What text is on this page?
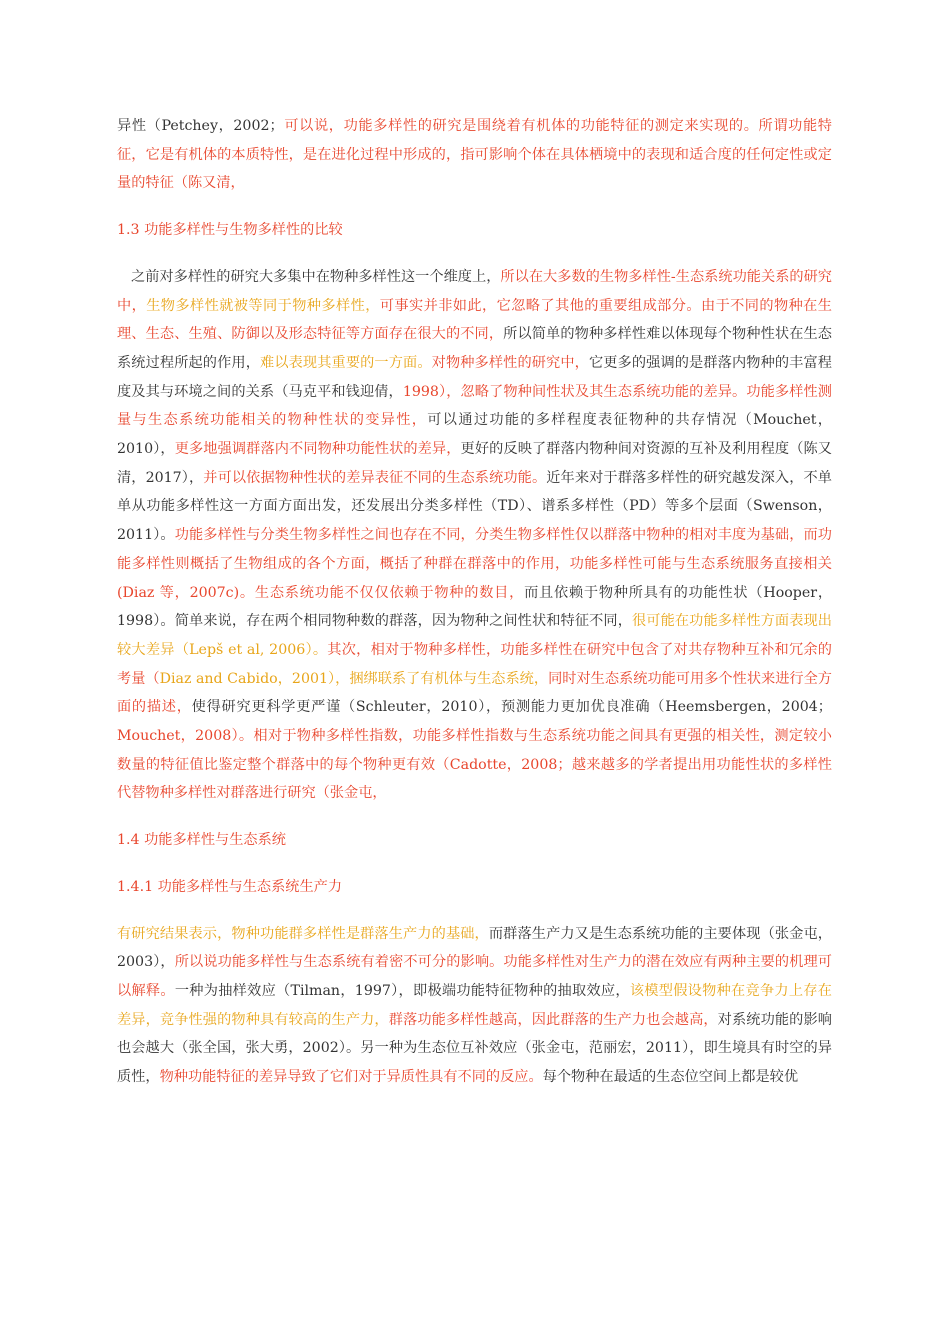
异性（Petchey，2002；可以说，功能多样性的研究是围绕着有机体的功能特征的测定来实现的。所谓功能特征，它是有机体的本质特性，是在进化过程中形成的，指可影响个体在具体栖境中的表现和适合度的任何定性或定量的特征（陈又清，

1.3 功能多样性与生物多样性的比较

之前对多样性的研究大多集中在物种多样性这一个维度上，所以在大多数的生物多样性-生态系统功能关系的研究中，生物多样性就被等同于物种多样性，可事实并非如此，它忽略了其他的重要组成部分。由于不同的物种在生理、生态、生殖、防御以及形态特征等方面存在很大的不同，所以简单的物种多样性难以体现每个物种性状在生态系统过程所起的作用，难以表现其重要的一方面。对物种多样性的研究中，它更多的强调的是群落内物种的丰富程度及其与环境之间的关系（马克平和钱迎倩，1998），忽略了物种间性状及其生态系统功能的差异。功能多样性测量与生态系统功能相关的物种性状的变异性，可以通过功能的多样程度表征物种的共存情况（Mouchet，2010），更多地强调群落内不同物种功能性状的差异，更好的反映了群落内物种间对资源的互补及利用程度（陈又清，2017），并可以依据物种性状的差异表征不同的生态系统功能。近年来对于群落多样性的研究越发深入，不单单从功能多样性这一方面方面出发，还发展出分类多样性（TD）、谱系多样性（PD）等多个层面（Swenson，2011）。功能多样性与分类生物多样性之间也存在不同，分类生物多样性仅以群落中物种的相对丰度为基础，而功能多样性则概括了生物组成的各个方面，概括了种群在群落中的作用，功能多样性可能与生态系统服务直接相关(Diaz 等，2007c)。生态系统功能不仅仅依赖于物种的数目，而且依赖于物种所具有的功能性状（Hooper，1998）。简单来说，存在两个相同物种数的群落，因为物种之间性状和特征不同，很可能在功能多样性方面表现出较大差异（Lepš et al, 2006）。其次，相对于物种多样性，功能多样性在研究中包含了对共存物种互补和冗余的考量（Diaz and Cabido，2001），捆绑联系了有机体与生态系统，同时对生态系统功能可用多个性状来进行全方面的描述，使得研究更科学更严谨（Schleuter，2010），预测能力更加优良准确（Heemsbergen，2004；Mouchet，2008）。相对于物种多样性指数，功能多样性指数与生态系统功能之间具有更强的相关性，测定较小数量的特征值比鉴定整个群落中的每个物种更有效（Cadotte，2008；越来越多的学者提出用功能性状的多样性代替物种多样性对群落进行研究（张金屯，

1.4 功能多样性与生态系统

1.4.1 功能多样性与生态系统生产力

有研究结果表示，物种功能群多样性是群落生产力的基础，而群落生产力又是生态系统功能的主要体现（张金屯，2003），所以说功能多样性与生态系统有着密不可分的影响。功能多样性对生产力的潜在效应有两种主要的机理可以解释。一种为抽样效应（Tilman，1997），即极端功能特征物种的抽取效应，该模型假设物种在竞争力上存在差异，竞争性强的物种具有较高的生产力，群落功能多样性越高，因此群落的生产力也会越高，对系统功能的影响也会越大（张全国，张大勇，2002）。另一种为生态位互补效应（张金屯，范丽宏，2011），即生境具有时空的异质性，物种功能特征的差异导致了它们对于异质性具有不同的反应。每个物种在最适的生态位空间上都是较优
